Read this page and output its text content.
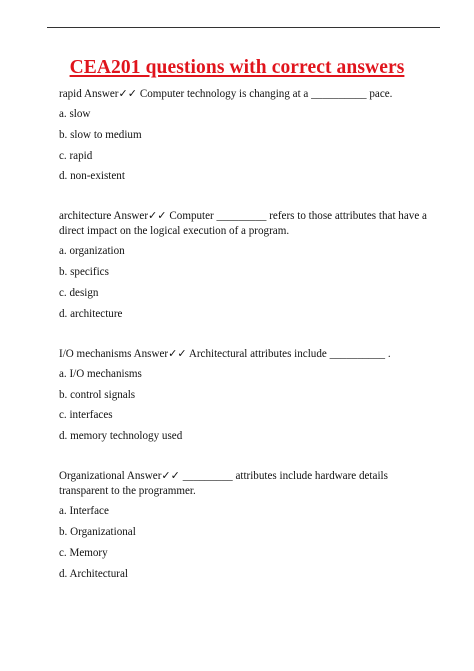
CEA201 questions with correct answers

rapid Answer✓✓ Computer technology is changing at a __________ pace.

a. slow

b. slow to medium

c. rapid

d. non-existent

architecture Answer✓✓ Computer _________ refers to those attributes that have a direct impact on the logical execution of a program.

a. organization

b. specifics

c. design

d. architecture

I/O mechanisms Answer✓✓ Architectural attributes include __________ .

a. I/O mechanisms

b. control signals

c. interfaces

d. memory technology used

Organizational Answer✓✓ _________ attributes include hardware details transparent to the programmer.

a. Interface

b. Organizational

c. Memory

d. Architectural
